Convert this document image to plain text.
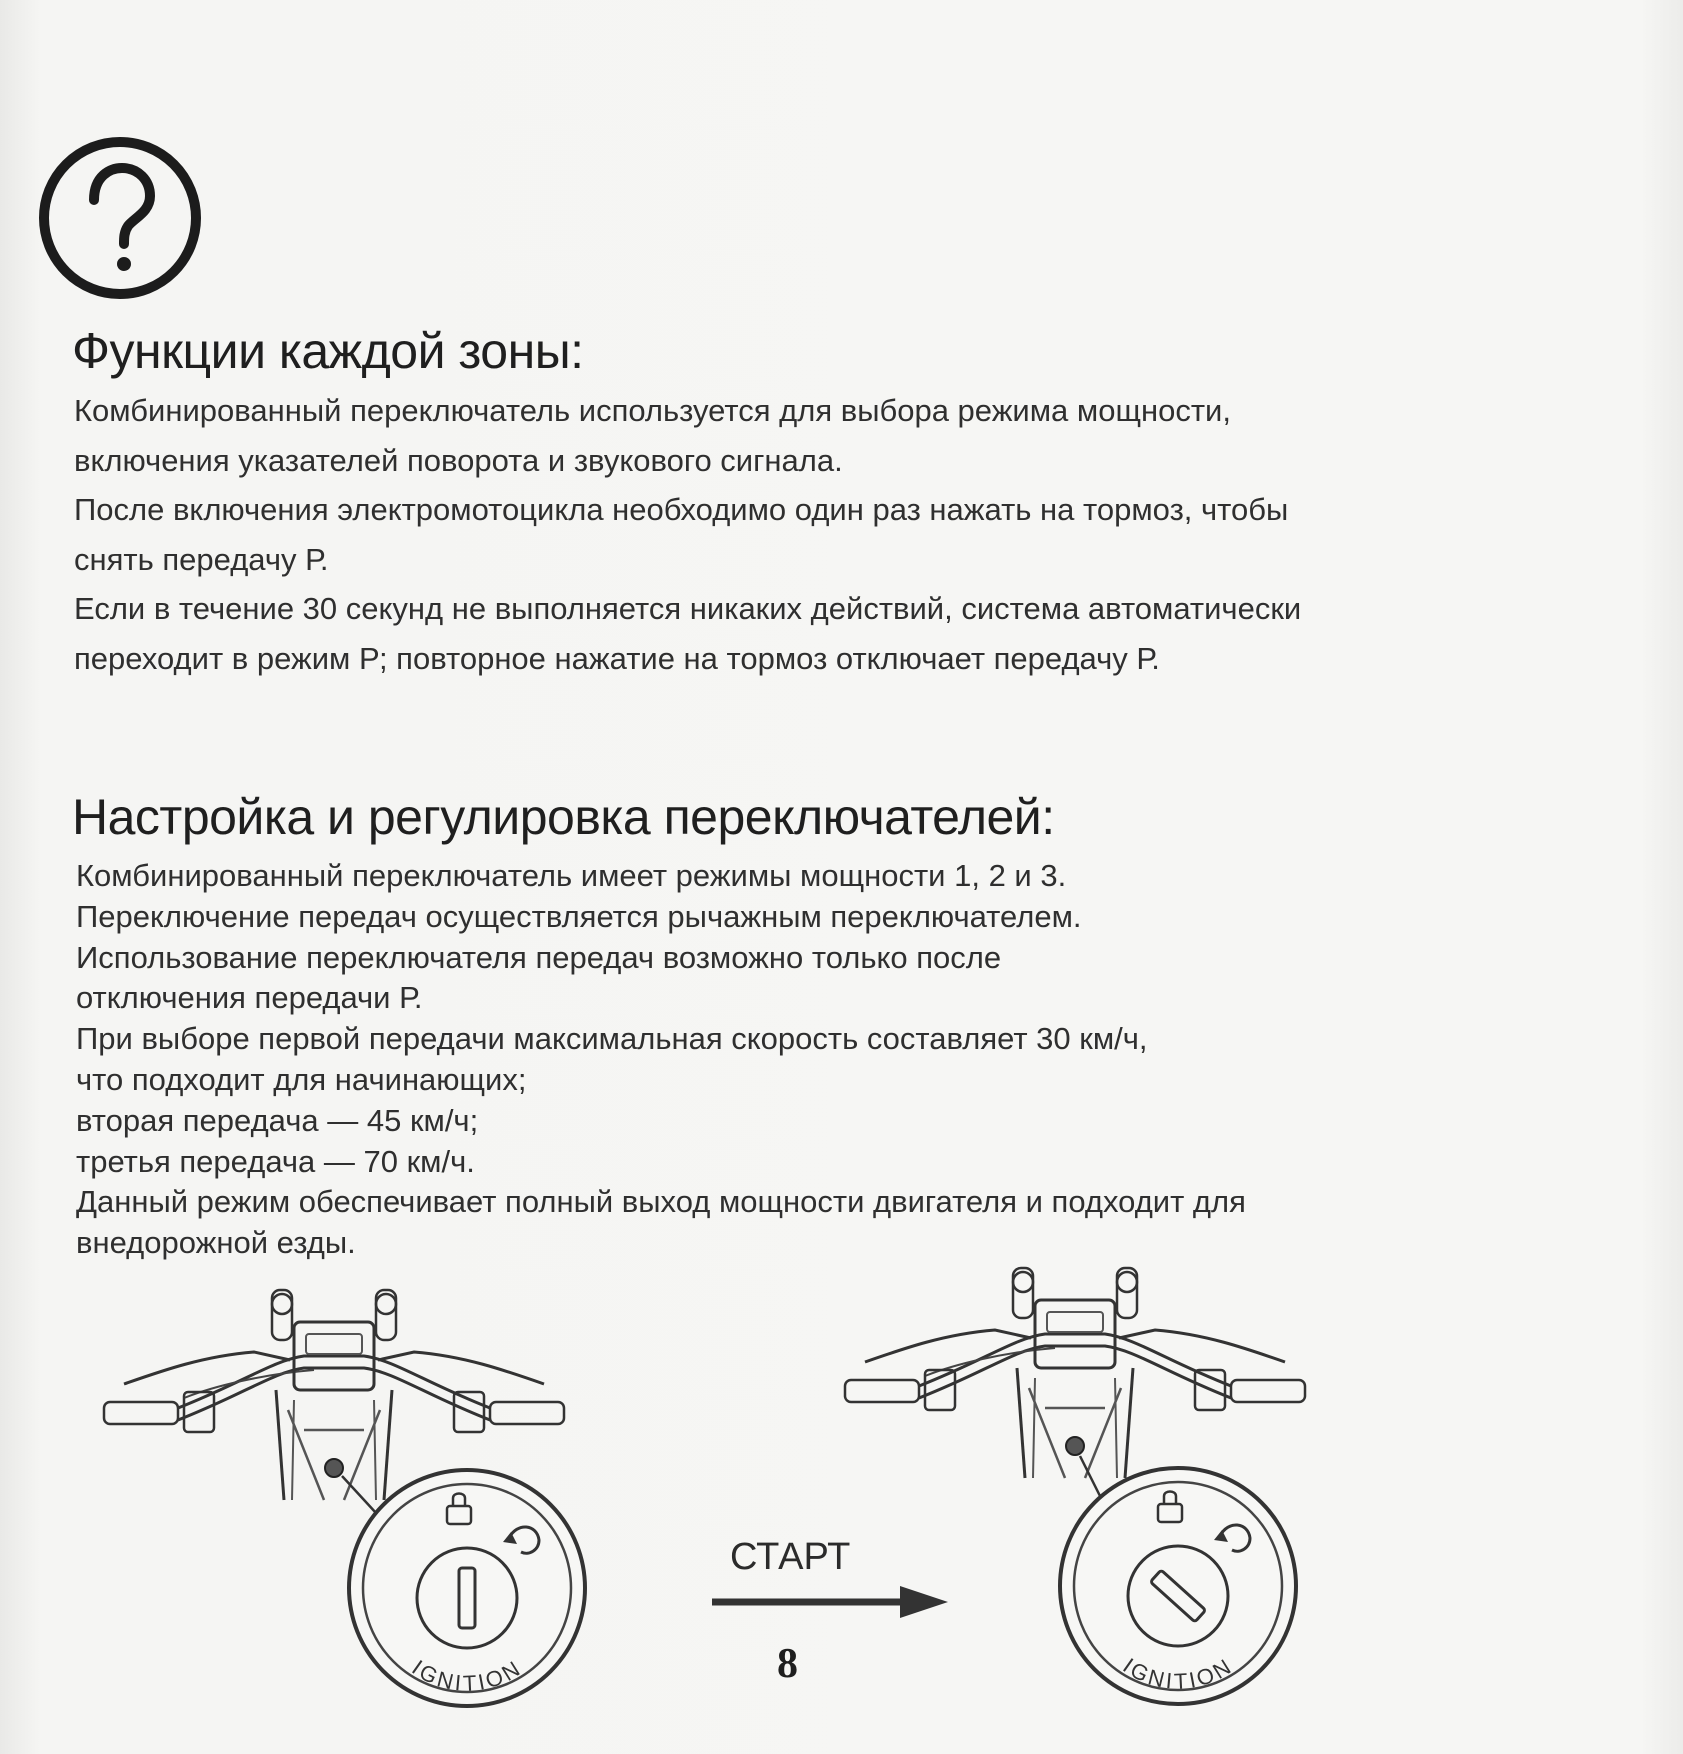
Функции каждой зоны:

Комбинированный переключатель используется для выбора режима мощности,
включения указателей поворота и звукового сигнала.
После включения электромотоцикла необходимо один раз нажать на тормоз, чтобы
снять передачу Р.
Если в течение 30 секунд не выполняется никаких действий, система автоматически
переходит в режим Р; повторное нажатие на тормоз отключает передачу Р.

Настройка и регулировка переключателей:

Комбинированный переключатель имеет режимы мощности 1, 2 и 3.
Переключение передач осуществляется рычажным переключателем.
Использование переключателя передач возможно только после
отключения передачи Р.
При выборе первой передачи максимальная скорость составляет 30 км/ч,
что подходит для начинающих;
вторая передача — 45 км/ч;
третья передача — 70 км/ч.
Данный режим обеспечивает полный выход мощности двигателя и подходит для
внедорожной езды.

IGNITION	IGNITION
СТАРТ
8
